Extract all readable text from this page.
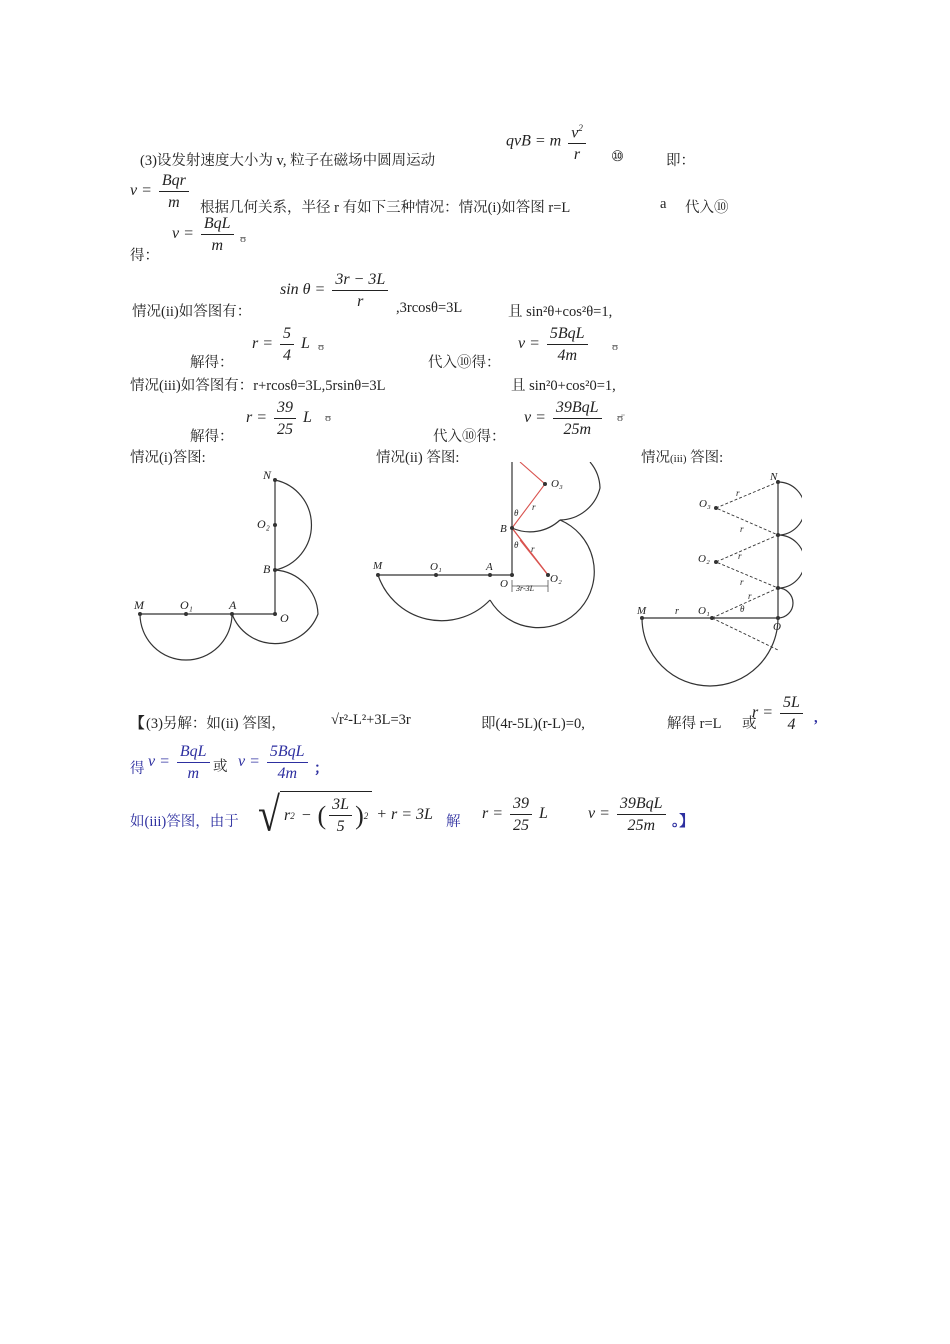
(3)设发射速度大小为 v, 粒子在磁场中圆周运动
qvB = m $\frac{v^2}{r}$ ⑩	即：
$v = \frac{\text{Bqr}}{m}$ 根据几何关系，半径 r 有如下三种情况：情况(i)如答图 r=L	a 代入⑩
得：
$v = \frac{\text{BqL}}{m}$ ʊ
情况(ii)如答图有：
$\sin \theta = \frac{3r - 3L}{r} ,3rcos\theta=3L$	且 sin²θ+cos²θ=1,
解得：
$r = \frac{5}{4}$ L ʊ
代入⑩得：
$v = \frac{\text{5BqL}}{4m}$ ʊ
情况(iii)如答图有：r+rcosθ=3L,5rsinθ=3L	且 sin²0+cos²0=1,
解得：
$r = \frac{39}{25}$ L ʊ
代入⑩得：
$v = \frac{\text{39BqL}}{25m}$ ʊ̈
情况(i)答图:	情况(ii) 答图:	情况(iii) 答图:
M	O₁	A
O
B
O₂
N
M	O₁	A
O
B
O₂
O₃
θ
θ
r
r
3r-3L
M	O₁
O
O₂
O₃
N
r
r
r
r
r
r
θ
【 (3)另解：如(ii) 答图，	√r²-L²+3L=3r	即(4r-5L)(r-L)=0,	解得 r=L 或
$r = \frac{5L}{4}$ ,
得 $v = \frac{\text{BqL}}{m}$ 或 $v = \frac{\text{5BqL}}{4m}$ ；
如(iii)答图，由于 √ r 2 − ( $\frac{3L}{5}$ ) 2 + r = 3L 解 $r = \frac{39}{25}$ L	$v = \frac{\text{39BqL}}{25m}$ 。】
